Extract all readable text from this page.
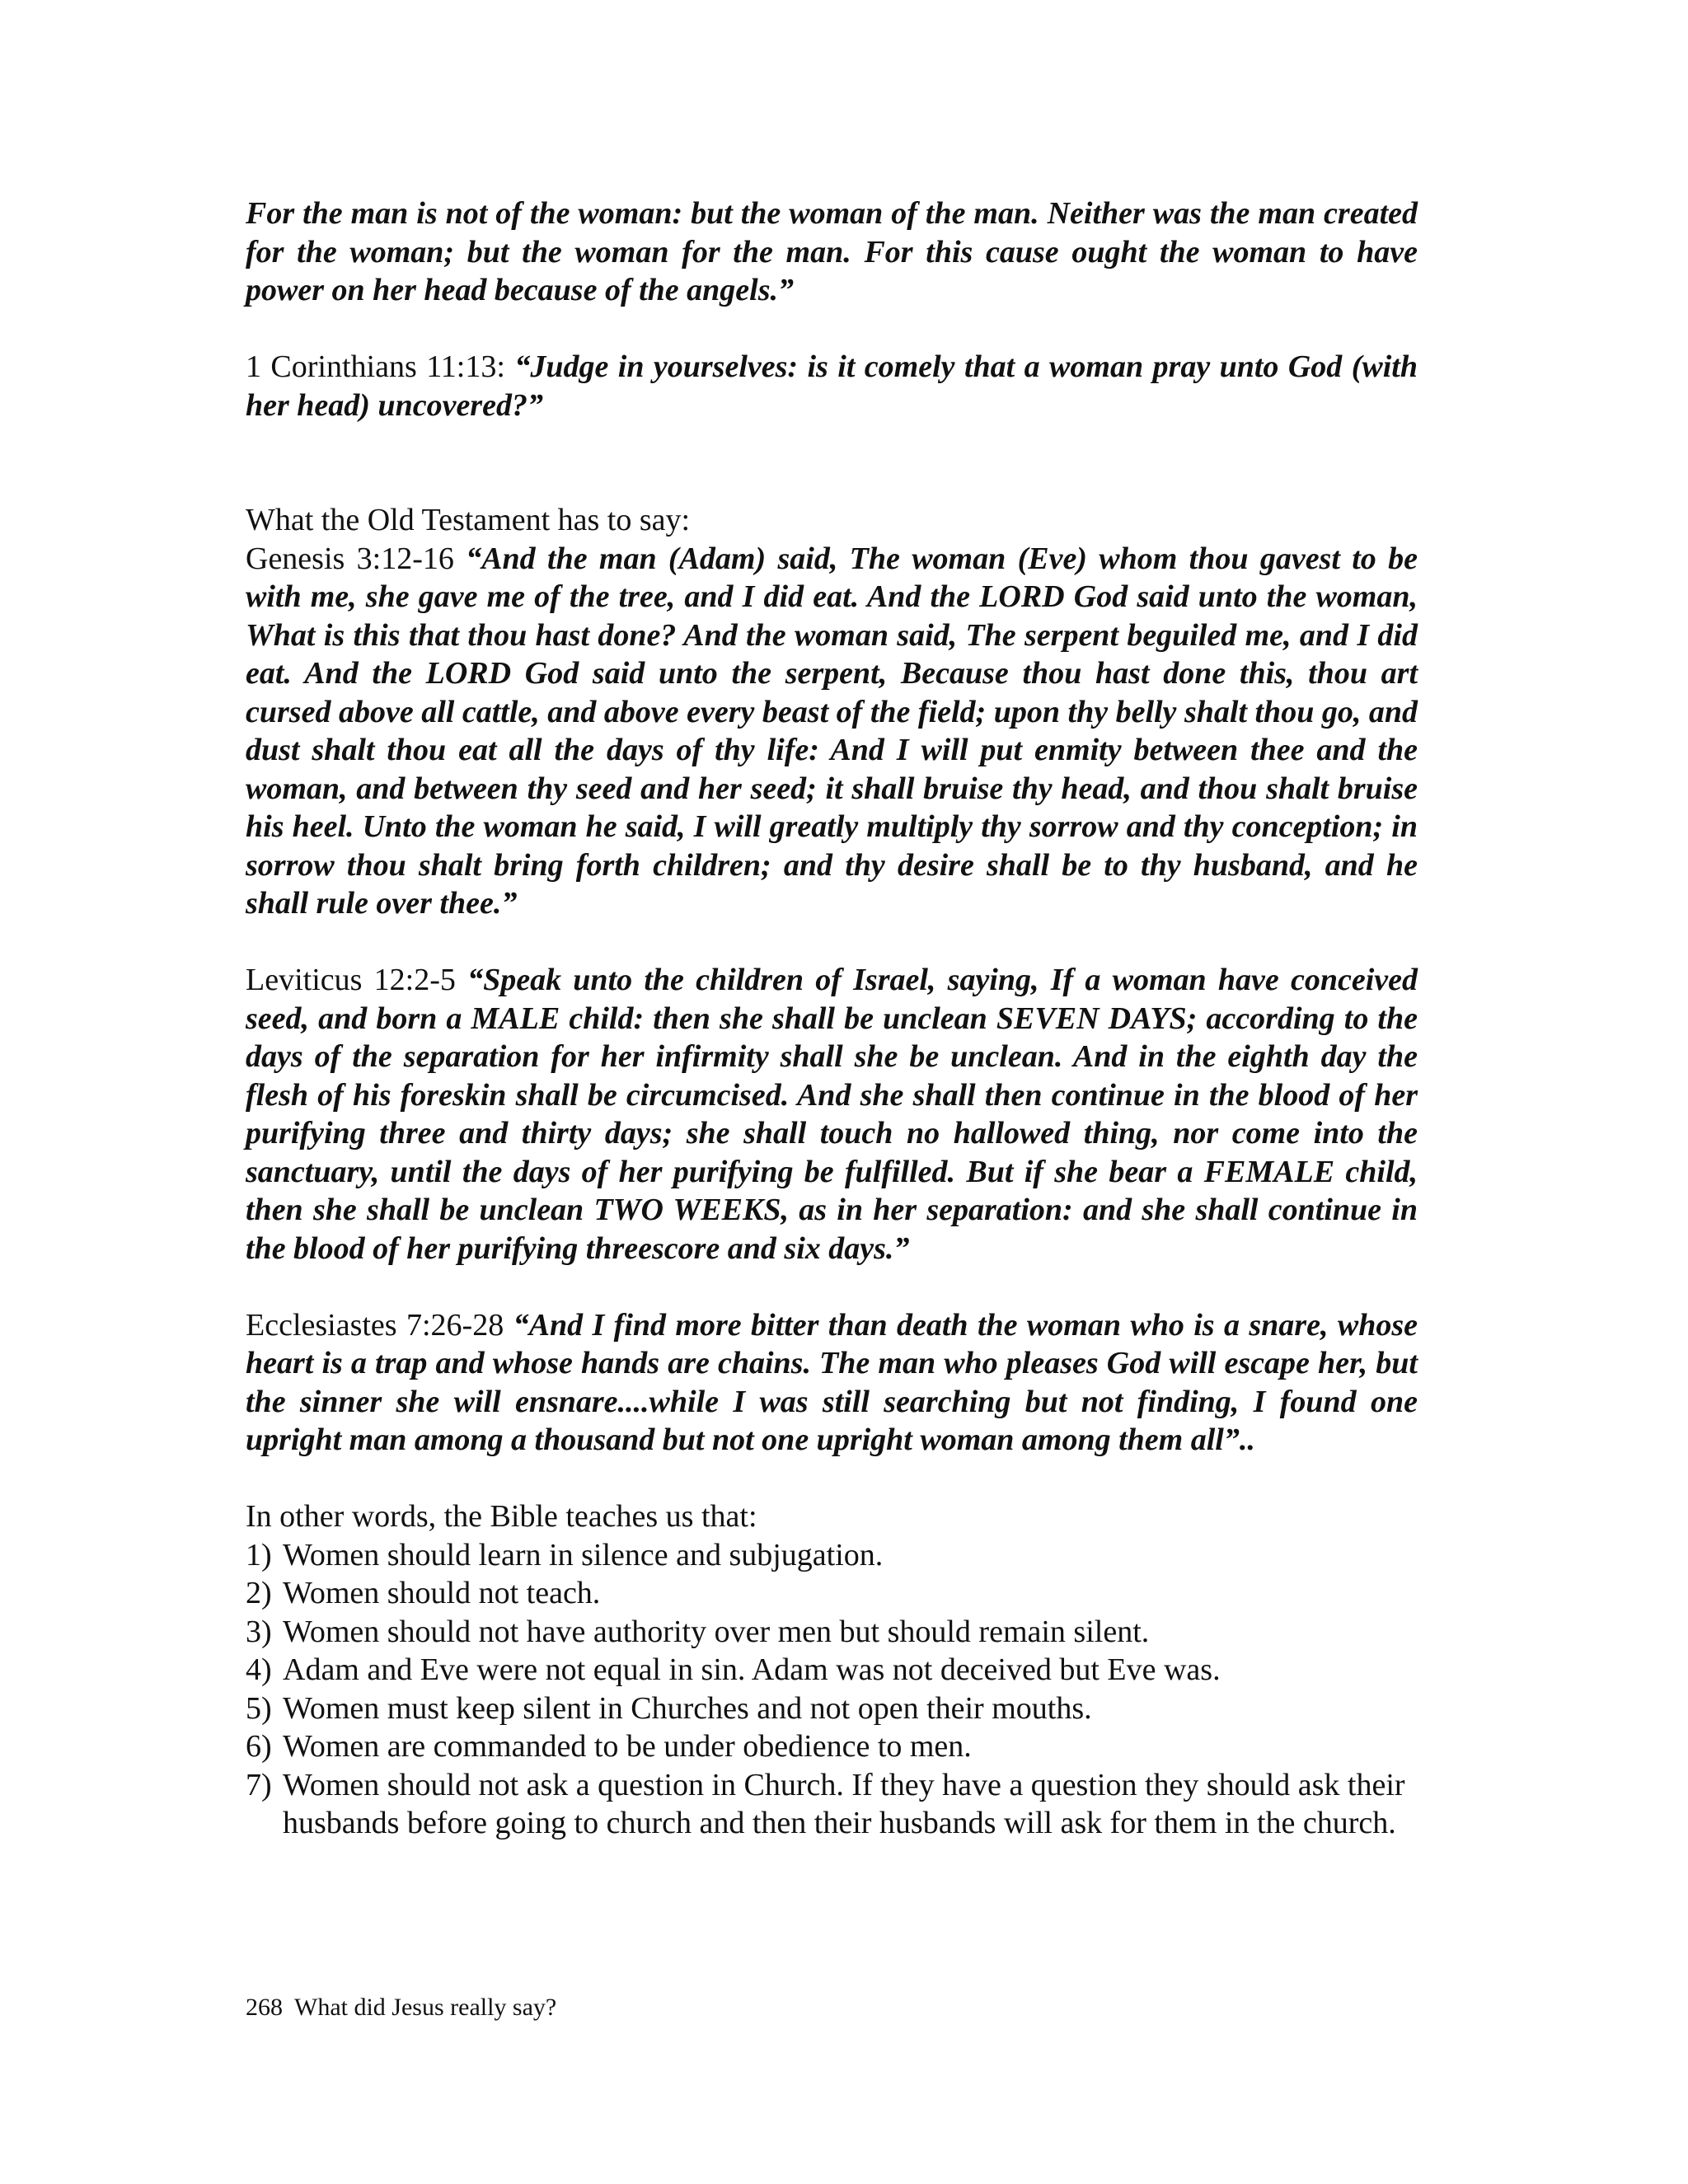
For the man is not of the woman: but the woman of the man. Neither was the man created for the woman; but the woman for the man. For this cause ought the woman to have power on her head because of the angels.”

1 Corinthians 11:13: “Judge in yourselves: is it comely that a woman pray unto God (with her head) uncovered?”

What the Old Testament has to say:

Genesis 3:12-16 “And the man (Adam) said, The woman (Eve) whom thou gavest to be with me, she gave me of the tree, and I did eat. And the LORD God said unto the woman, What is this that thou hast done? And the woman said, The serpent beguiled me, and I did eat. And the LORD God said unto the serpent, Because thou hast done this, thou art cursed above all cattle, and above every beast of the field; upon thy belly shalt thou go, and dust shalt thou eat all the days of thy life: And I will put enmity between thee and the woman, and between thy seed and her seed; it shall bruise thy head, and thou shalt bruise his heel. Unto the woman he said, I will greatly multiply thy sorrow and thy conception; in sorrow thou shalt bring forth children; and thy desire shall be to thy husband, and he shall rule over thee.”

Leviticus 12:2-5 “Speak unto the children of Israel, saying, If a woman have conceived seed, and born a MALE child: then she shall be unclean SEVEN DAYS; according to the days of the separation for her infirmity shall she be unclean. And in the eighth day the flesh of his foreskin shall be circumcised. And she shall then continue in the blood of her purifying three and thirty days; she shall touch no hallowed thing, nor come into the sanctuary, until the days of her purifying be fulfilled. But if she bear a FEMALE child, then she shall be unclean TWO WEEKS, as in her separation: and she shall continue in the blood of her purifying threescore and six days.”

Ecclesiastes 7:26-28 “And I find more bitter than death the woman who is a snare, whose heart is a trap and whose hands are chains. The man who pleases God will escape her, but the sinner she will ensnare....while I was still searching but not finding, I found one upright man among a thousand but not one upright woman among them all”..

In other words, the Bible teaches us that:

1) Women should learn in silence and subjugation.
2) Women should not teach.
3) Women should not have authority over men but should remain silent.
4) Adam and Eve were not equal in sin. Adam was not deceived but Eve was.
5) Women must keep silent in Churches and not open their mouths.
6) Women are commanded to be under obedience to men.
7) Women should not ask a question in Church. If they have a question they should ask their husbands before going to church and then their husbands will ask for them in the church.
268 What did Jesus really say?
